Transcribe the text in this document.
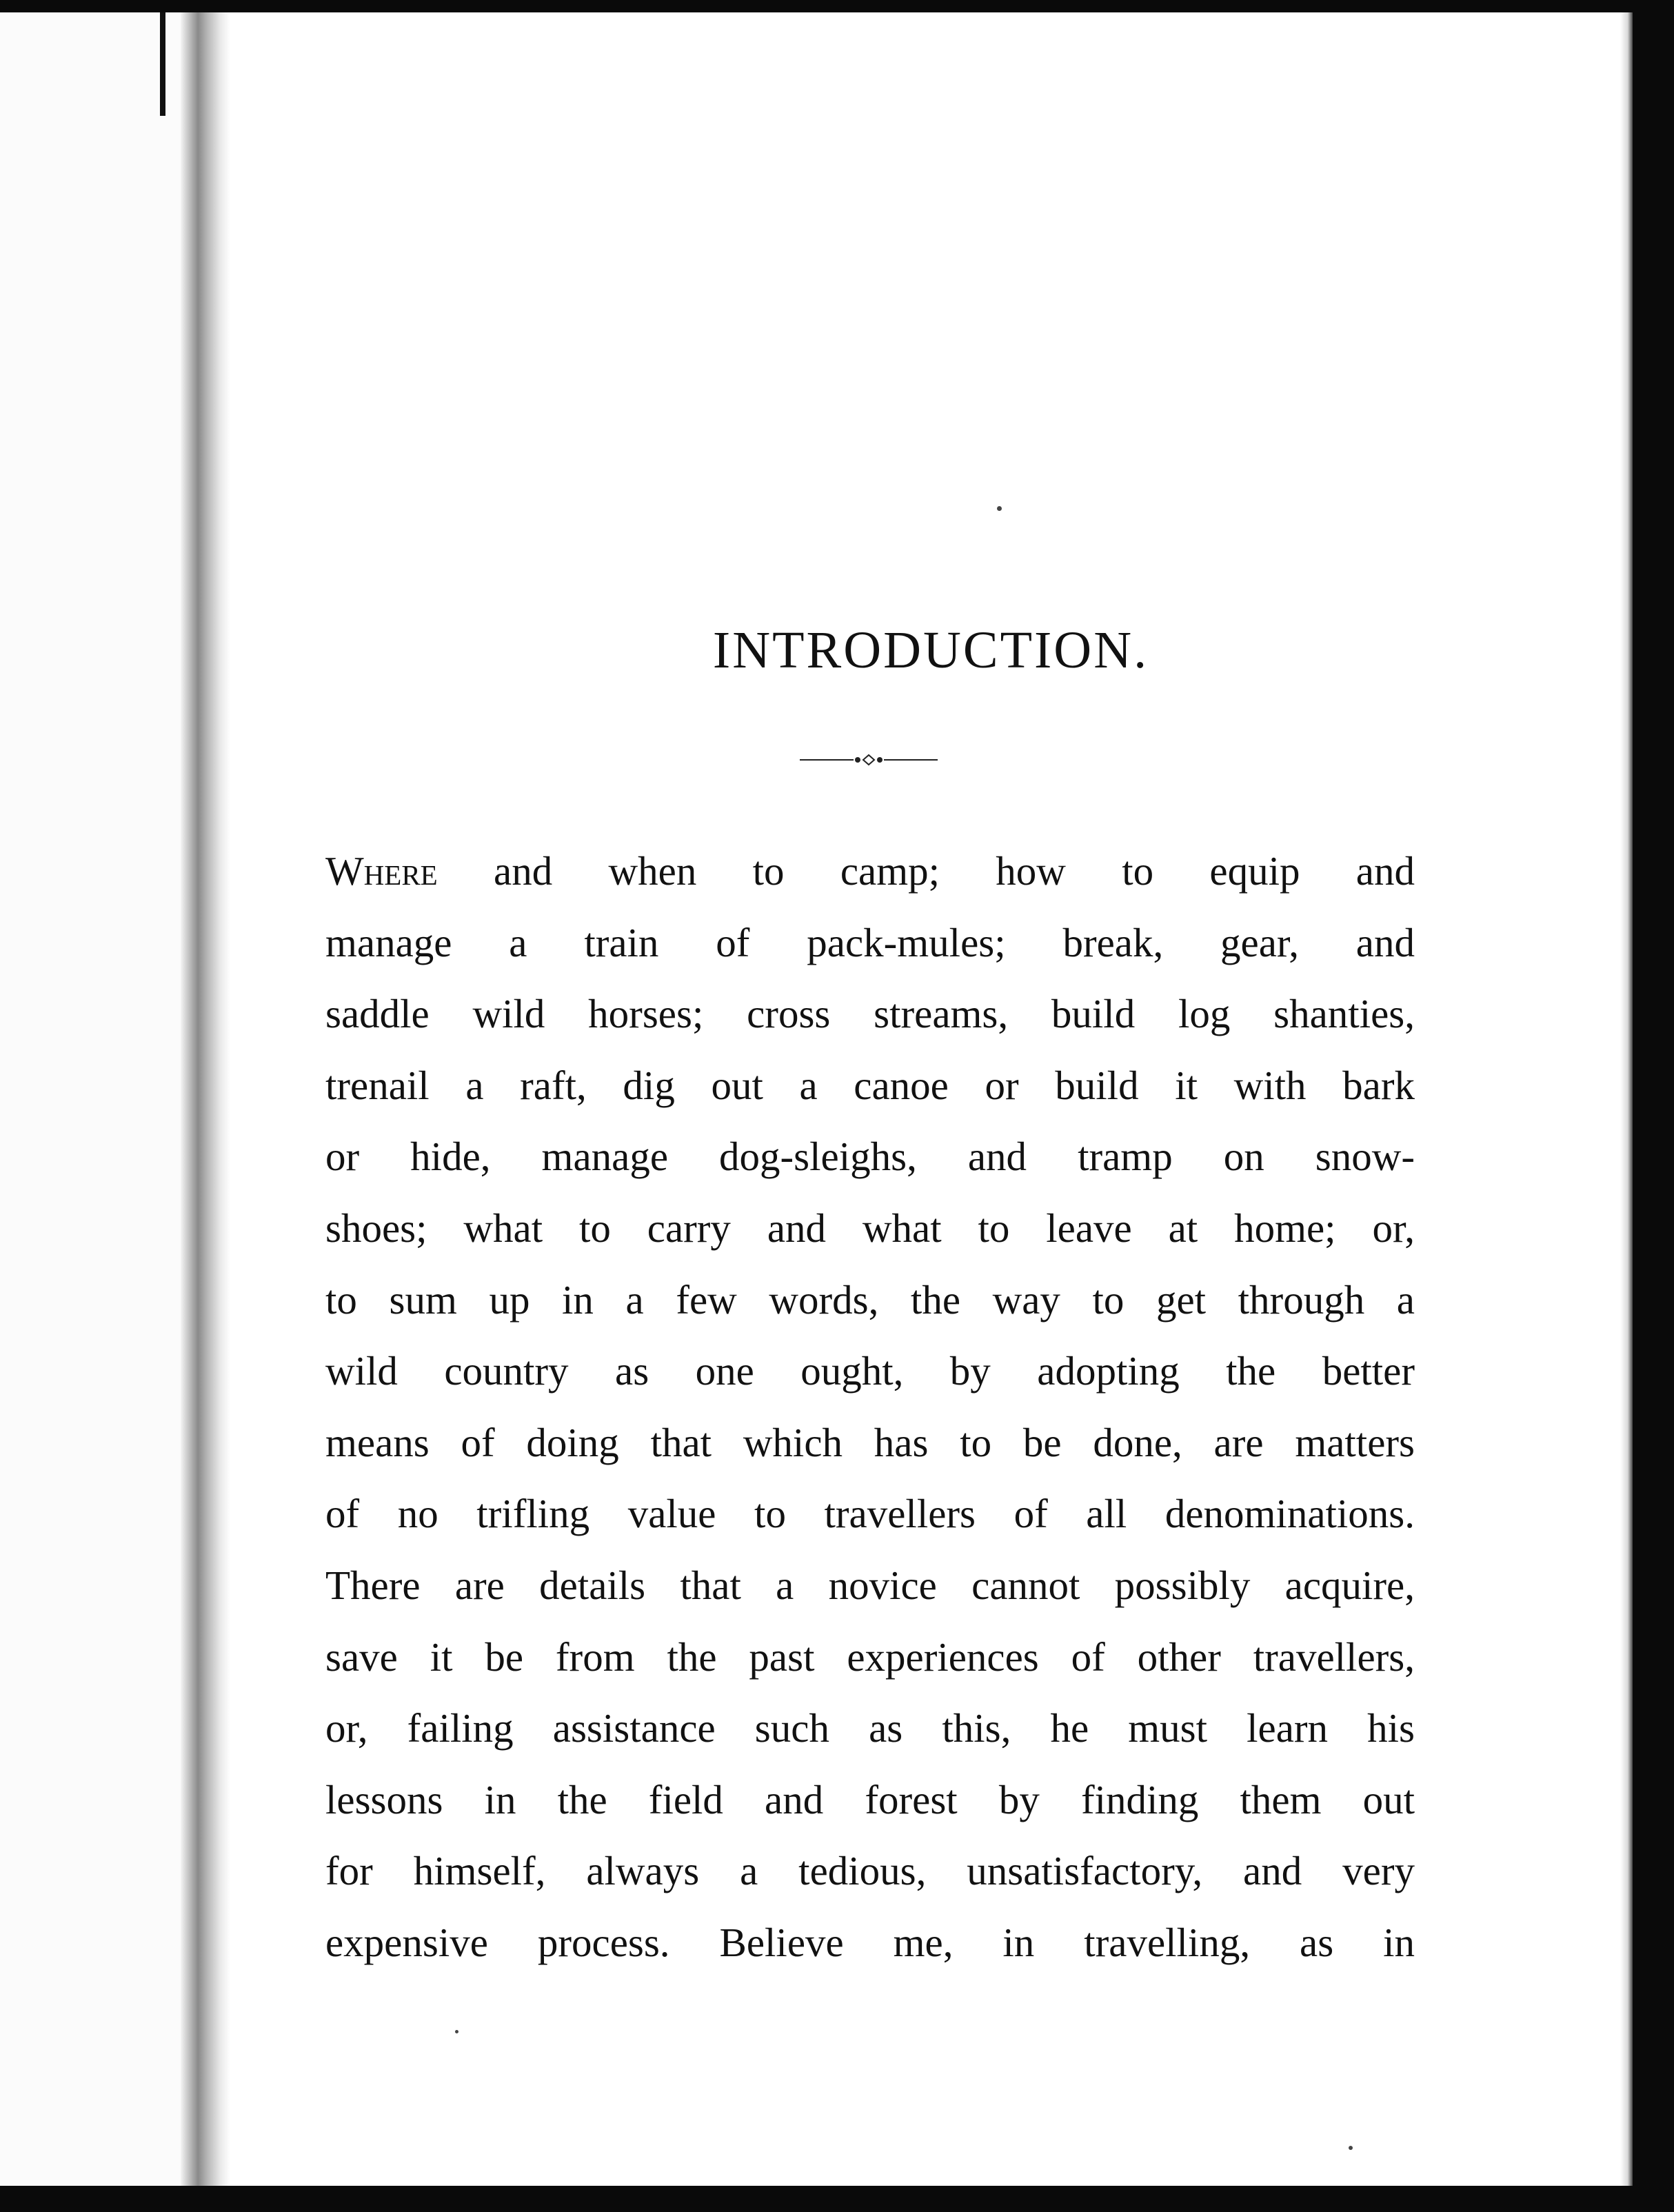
INTRODUCTION.
Where and when to camp; how to equip and
manage a train of pack-mules; break, gear, and
saddle wild horses; cross streams, build log shanties,
trenail a raft, dig out a canoe or build it with bark
or hide, manage dog-sleighs, and tramp on snow-
shoes; what to carry and what to leave at home; or,
to sum up in a few words, the way to get through a
wild country as one ought, by adopting the better
means of doing that which has to be done, are matters
of no trifling value to travellers of all denominations.
There are details that a novice cannot possibly acquire,
save it be from the past experiences of other travellers,
or, failing assistance such as this, he must learn his
lessons in the field and forest by finding them out
for himself, always a tedious, unsatisfactory, and very
expensive process. Believe me, in travelling, as in
